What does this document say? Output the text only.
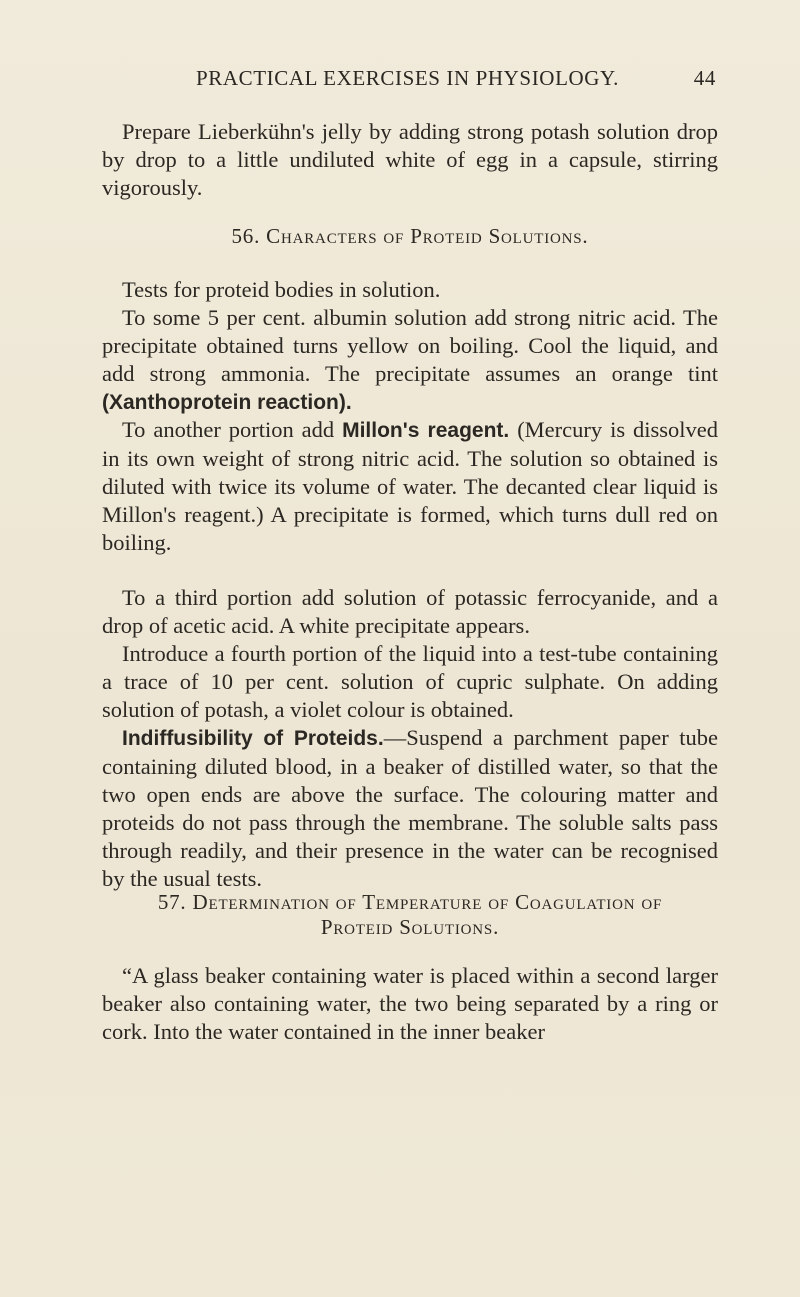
PRACTICAL EXERCISES IN PHYSIOLOGY.	44

Prepare Lieberkühn's jelly by adding strong potash solution drop by drop to a little undiluted white of egg in a capsule, stirring vigorously.

56. Characters of Proteid Solutions.

Tests for proteid bodies in solution.

To some 5 per cent. albumin solution add strong nitric acid. The precipitate obtained turns yellow on boiling. Cool the liquid, and add strong ammonia. The precipitate assumes an orange tint (Xanthoprotein reaction).

To another portion add Millon's reagent. (Mercury is dissolved in its own weight of strong nitric acid. The solution so obtained is diluted with twice its volume of water. The decanted clear liquid is Millon's reagent.) A precipitate is formed, which turns dull red on boiling.

To a third portion add solution of potassic ferrocyanide, and a drop of acetic acid. A white precipitate appears.

Introduce a fourth portion of the liquid into a test-tube containing a trace of 10 per cent. solution of cupric sulphate. On adding solution of potash, a violet colour is obtained.

Indiffusibility of Proteids.—Suspend a parchment paper tube containing diluted blood, in a beaker of distilled water, so that the two open ends are above the surface. The colouring matter and proteids do not pass through the membrane. The soluble salts pass through readily, and their presence in the water can be recognised by the usual tests.

57. Determination of Temperature of Coagulation of
Proteid Solutions.

“A glass beaker containing water is placed within a second larger beaker also containing water, the two being separated by a ring or cork. Into the water contained in the inner beaker
